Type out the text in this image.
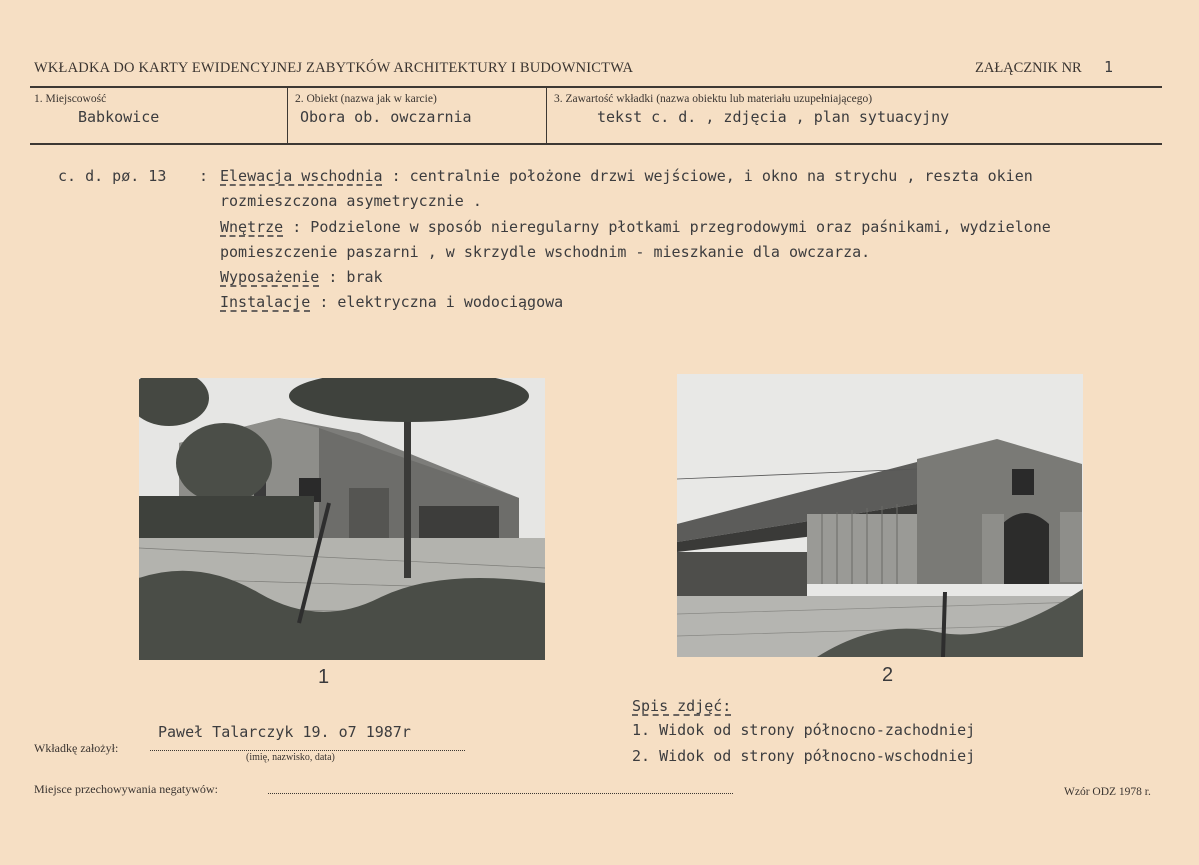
WKŁADKA DO KARTY EWIDENCYJNEJ ZABYTKÓW ARCHITEKTURY I BUDOWNICTWA	ZAŁĄCZNIK NR 1
1. Miejscowość
Babkowice
2. Obiekt (nazwa jak w karcie)
Obora ob. owczarnia
3. Zawartość wkładki (nazwa obiektu lub materiału uzupełniającego)
tekst c. d. , zdjęcia , plan sytuacyjny
c. d. pø. 13 : Elewacja wschodnia : centralnie położone drzwi wejściowe, i okno na strychu , reszta okien
rozmieszczona asymetrycznie .
Wnętrze : Podzielone w sposób nieregularny płotkami przegrodowymi oraz paśnikami, wydzielone
pomieszczenie paszarni , w skrzydle wschodnim - mieszkanie dla owczarza.
Wyposażenie : brak
Instalacje : elektryczna i wodociągowa
1	2
Spis zdjęć:
1. Widok od strony północno-zachodniej
2. Widok od strony północno-wschodniej
Paweł Talarczyk 19. o7 1987r
Wkładkę założył:
(imię, nazwisko, data)
Miejsce przechowywania negatywów:	Wzór ODZ 1978 r.
